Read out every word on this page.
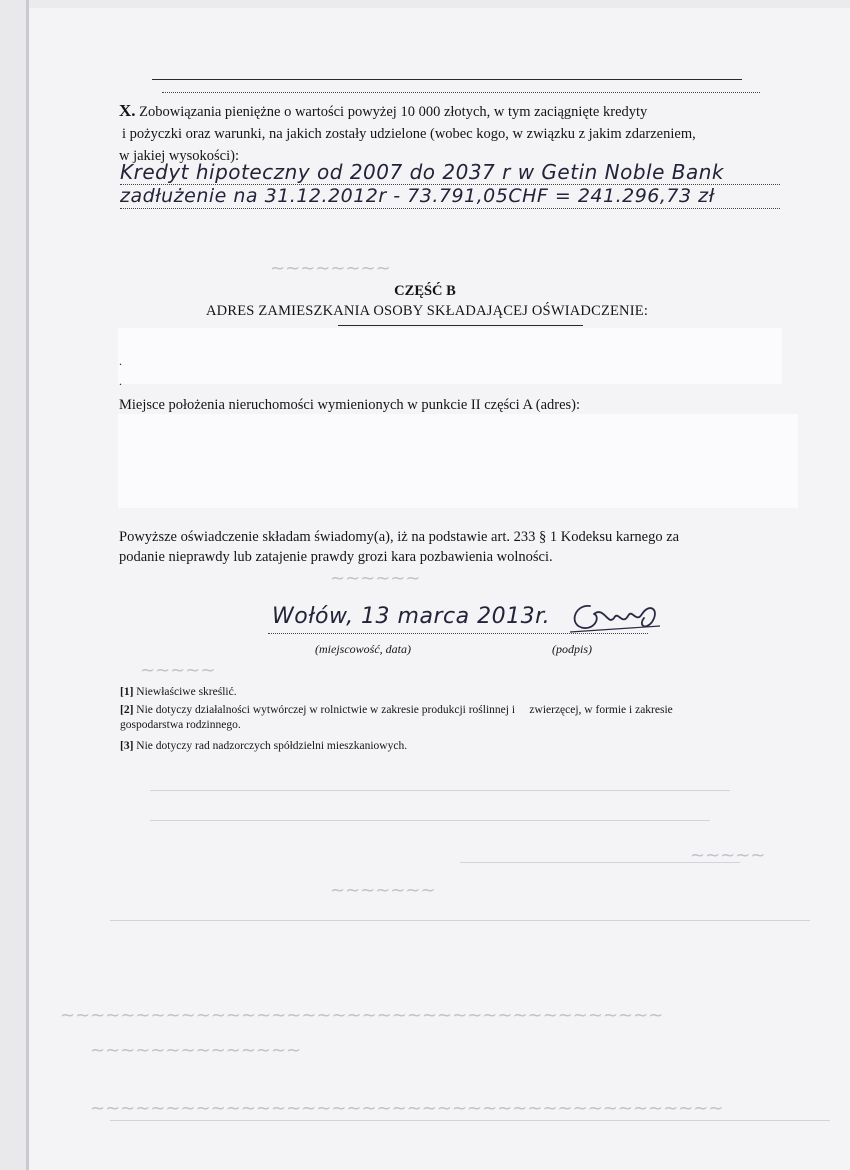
~~~~~~~~
~~~~~~
~~~~~
~~~~~
~~~~~~~
~~~~~~~~~~~~~~~~~~~~~~~~~~~~~~~~~~~~~~~~
~~~~~~~~~~~~~~
~~~~~~~~~~~~~~~~~~~~~~~~~~~~~~~~~~~~~~~~~~
X. Zobowiązania pieniężne o wartości powyżej 10 000 złotych, w tym zaciągnięte kredyty
i pożyczki oraz warunki, na jakich zostały udzielone (wobec kogo, w związku z jakim zdarzeniem,
w jakiej wysokości):
Kredyt hipoteczny od 2007 do 2037 r w Getin Noble Bank
zadłużenie na 31.12.2012r - 73.791,05CHF = 241.296,73 zł
CZĘŚĆ B
ADRES ZAMIESZKANIA OSOBY SKŁADAJĄCEJ OŚWIADCZENIE:
.
.
Miejsce położenia nieruchomości wymienionych w punkcie II części A (adres):
Powyższe oświadczenie składam świadomy(a), iż na podstawie art. 233 § 1 Kodeksu karnego za
podanie nieprawdy lub zatajenie prawdy grozi kara pozbawienia wolności.
Wołów, 13 marca 2013r.
(miejscowość, data)	(podpis)
[1] Niewłaściwe skreślić.
[2] Nie dotyczy działalności wytwórczej w rolnictwie w zakresie produkcji roślinnej i     zwierzęcej, w formie i zakresie
gospodarstwa rodzinnego.
[3] Nie dotyczy rad nadzorczych spółdzielni mieszkaniowych.
